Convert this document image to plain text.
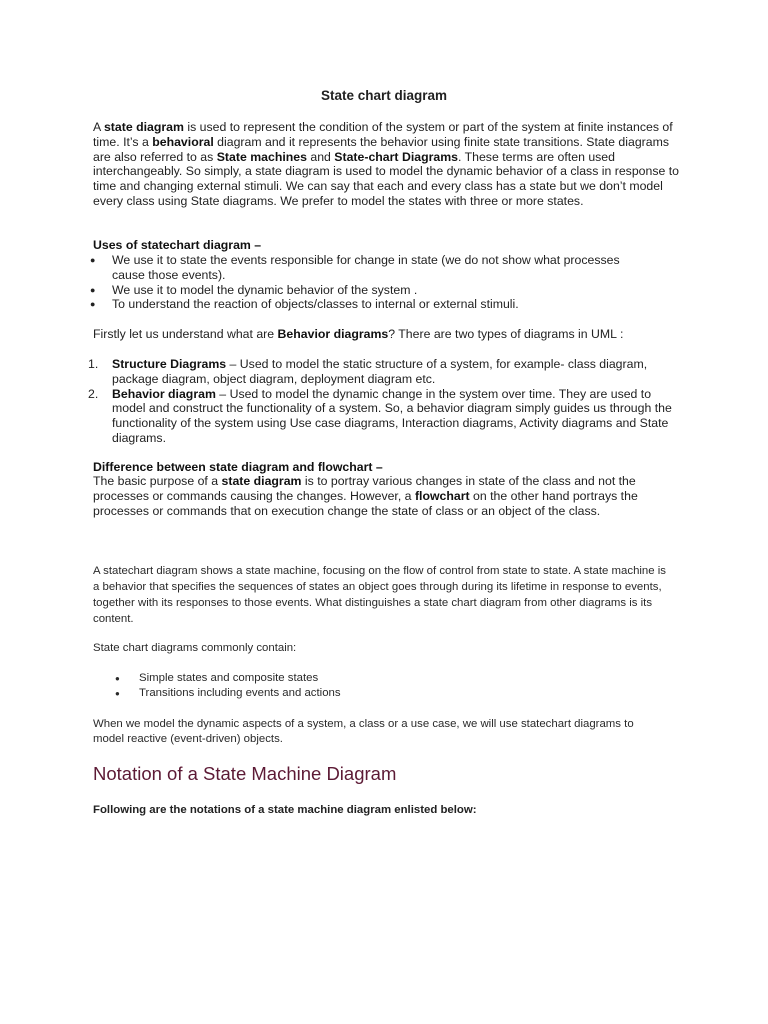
State chart diagram
A state diagram is used to represent the condition of the system or part of the system at finite instances of time. It’s a behavioral diagram and it represents the behavior using finite state transitions. State diagrams are also referred to as State machines and State-chart Diagrams. These terms are often used interchangeably. So simply, a state diagram is used to model the dynamic behavior of a class in response to time and changing external stimuli. We can say that each and every class has a state but we don’t model every class using State diagrams. We prefer to model the states with three or more states.
Uses of statechart diagram –
● We use it to state the events responsible for change in state (we do not show what processes cause those events).
● We use it to model the dynamic behavior of the system .
● To understand the reaction of objects/classes to internal or external stimuli.
Firstly let us understand what are Behavior diagrams? There are two types of diagrams in UML :
1. Structure Diagrams – Used to model the static structure of a system, for example- class diagram, package diagram, object diagram, deployment diagram etc.
2. Behavior diagram – Used to model the dynamic change in the system over time. They are used to model and construct the functionality of a system. So, a behavior diagram simply guides us through the functionality of the system using Use case diagrams, Interaction diagrams, Activity diagrams and State diagrams.
Difference between state diagram and flowchart –
The basic purpose of a state diagram is to portray various changes in state of the class and not the processes or commands causing the changes. However, a flowchart on the other hand portrays the processes or commands that on execution change the state of class or an object of the class.
A statechart diagram shows a state machine, focusing on the flow of control from state to state. A state machine is a behavior that specifies the sequences of states an object goes through during its lifetime in response to events, together with its responses to those events. What distinguishes a state chart diagram from other diagrams is its content.
State chart diagrams commonly contain:
● Simple states and composite states
● Transitions including events and actions
When we model the dynamic aspects of a system, a class or a use case, we will use statechart diagrams to model reactive (event-driven) objects.
Notation of a State Machine Diagram
Following are the notations of a state machine diagram enlisted below:
